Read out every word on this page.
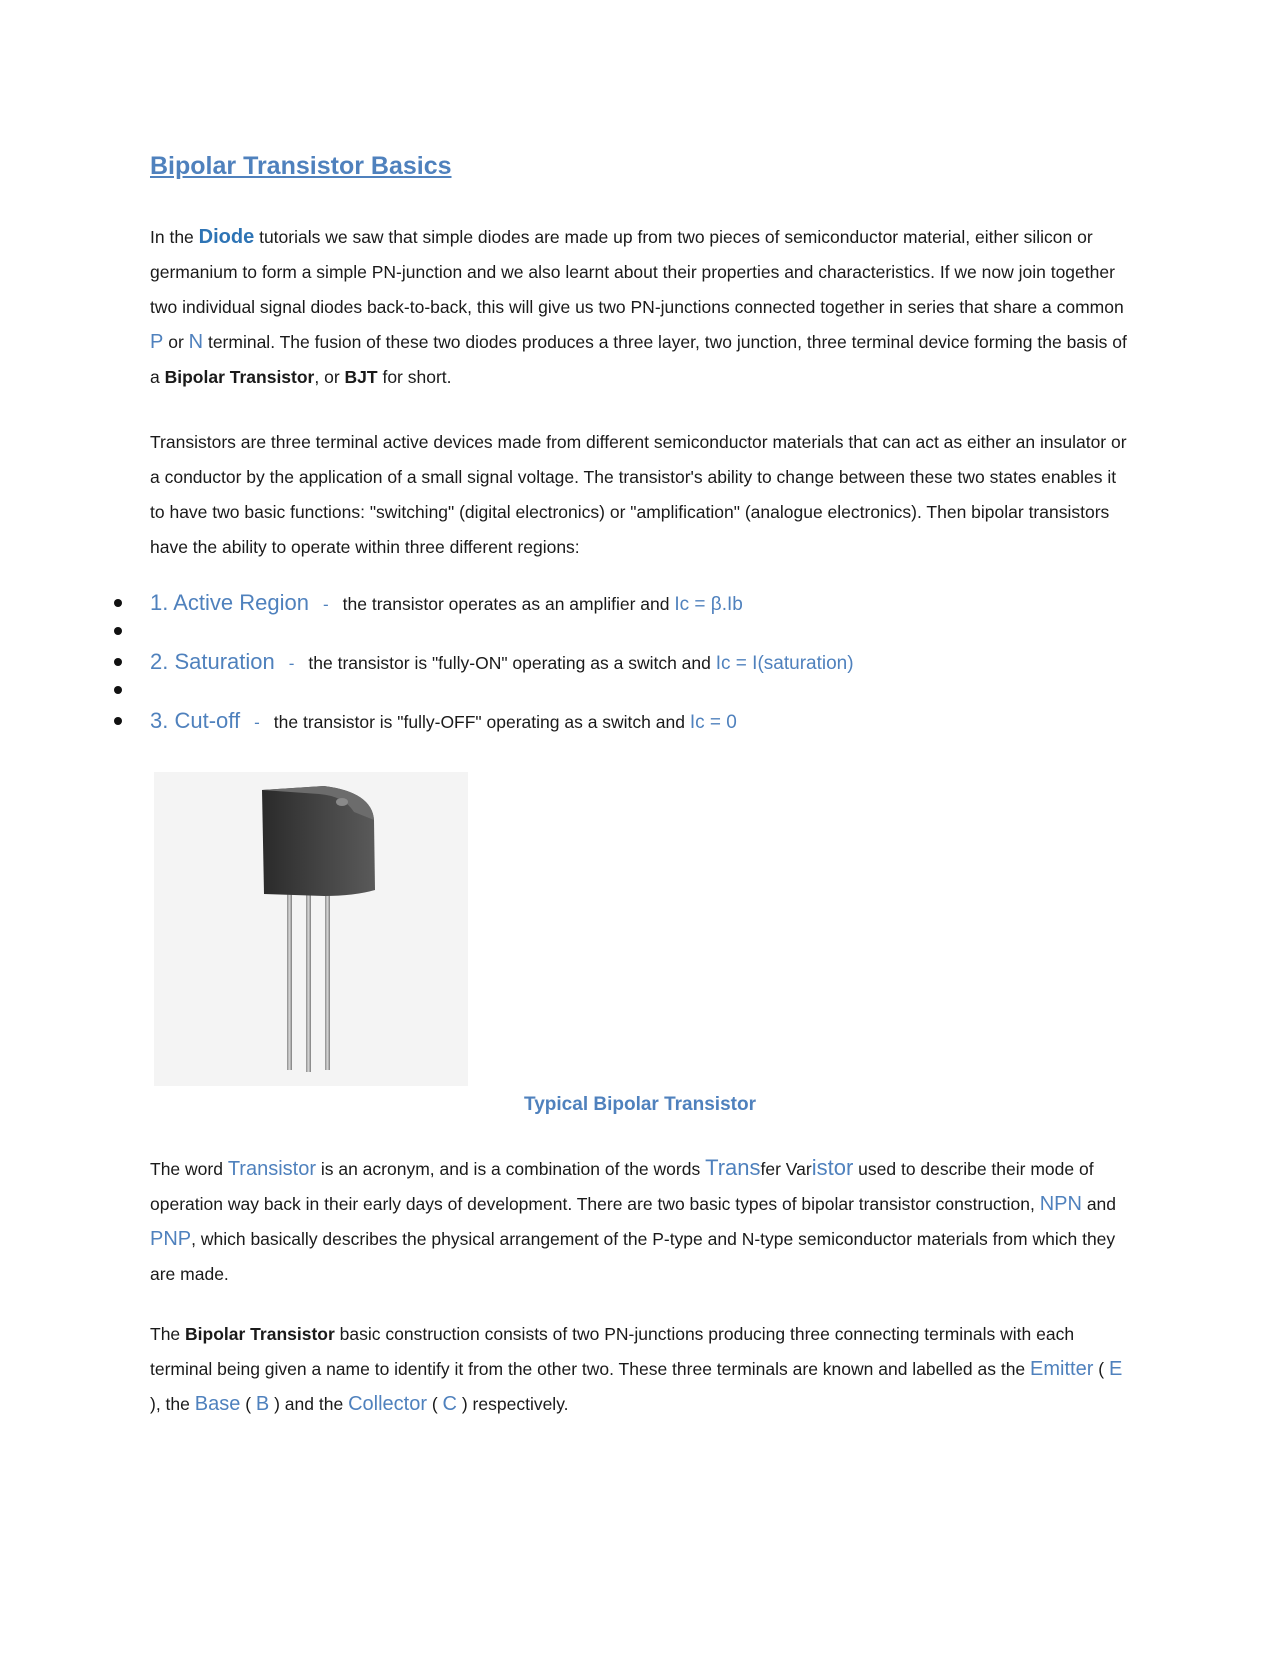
Bipolar Transistor Basics

In the Diode tutorials we saw that simple diodes are made up from two pieces of semiconductor material, either silicon or germanium to form a simple PN-junction and we also learnt about their properties and characteristics. If we now join together two individual signal diodes back-to-back, this will give us two PN-junctions connected together in series that share a common P or N terminal. The fusion of these two diodes produces a three layer, two junction, three terminal device forming the basis of a Bipolar Transistor, or BJT for short.

Transistors are three terminal active devices made from different semiconductor materials that can act as either an insulator or a conductor by the application of a small signal voltage. The transistor's ability to change between these two states enables it to have two basic functions: "switching" (digital electronics) or "amplification" (analogue electronics). Then bipolar transistors have the ability to operate within three different regions:

1. Active Region - the transistor operates as an amplifier and Ic = β.Ib
2. Saturation - the transistor is "fully-ON" operating as a switch and Ic = I(saturation)
3. Cut-off - the transistor is "fully-OFF" operating as a switch and Ic = 0

Typical Bipolar Transistor

The word Transistor is an acronym, and is a combination of the words Transfer Varistor used to describe their mode of operation way back in their early days of development. There are two basic types of bipolar transistor construction, NPN and PNP, which basically describes the physical arrangement of the P-type and N-type semiconductor materials from which they are made.

The Bipolar Transistor basic construction consists of two PN-junctions producing three connecting terminals with each terminal being given a name to identify it from the other two. These three terminals are known and labelled as the Emitter ( E ), the Base ( B ) and the Collector ( C ) respectively.
